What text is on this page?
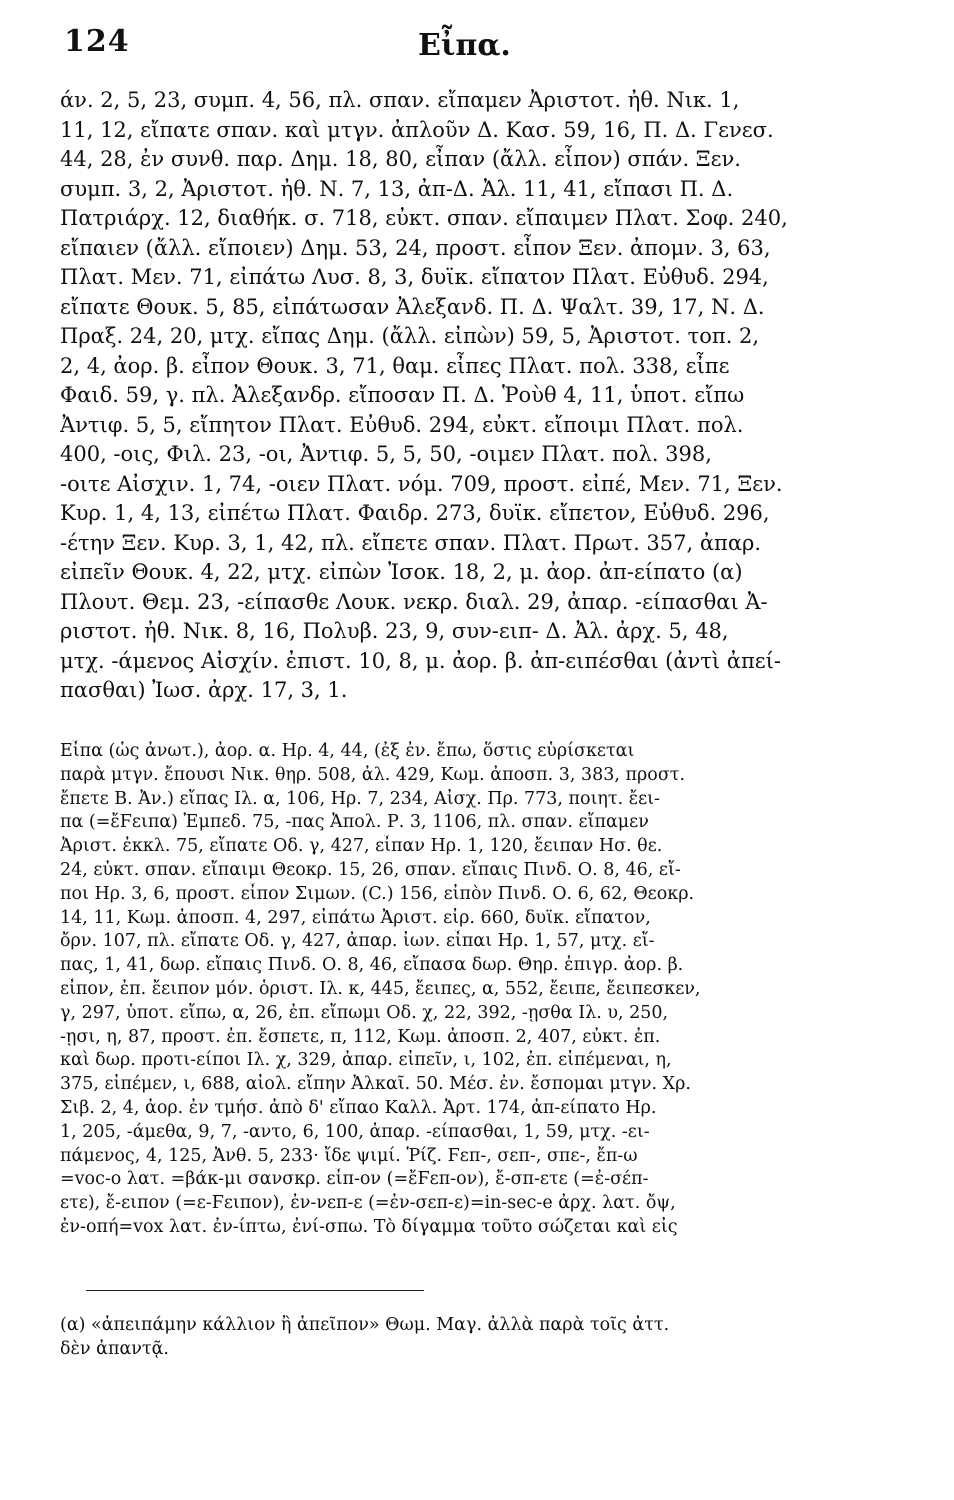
124	Εἶπα.
άν. 2, 5, 23, συμπ. 4, 56, πλ. σπαν. εἴπαμεν Ἀριστοτ. ἠθ. Νικ. 1,
11, 12, εἴπατε σπαν. καὶ μτγν. ἀπλοῦν Δ. Κασ. 59, 16, Π. Δ. Γενεσ.
44, 28, ἐν συνθ. παρ. Δημ. 18, 80, εἶπαν (ἄλλ. εἶπον) σπάν. Ξεν.
συμπ. 3, 2, Ἀριστοτ. ἠθ. Ν. 7, 13, ἀπ-Δ. Ἀλ. 11, 41, εἴπασι Π. Δ.
Πατριάρχ. 12, διαθήκ. σ. 718, εὐκτ. σπαν. εἴπαιμεν Πλατ. Σοφ. 240,
εἴπαιεν (ἄλλ. εἴποιεν) Δημ. 53, 24, προστ. εἶπον Ξεν. ἀπομν. 3, 63,
Πλατ. Μεν. 71, εἰπάτω Λυσ. 8, 3, δυϊκ. εἴπατον Πλατ. Εὐθυδ. 294,
εἴπατε Θουκ. 5, 85, εἰπάτωσαν Ἀλεξανδ. Π. Δ. Ψαλτ. 39, 17, Ν. Δ.
Πραξ. 24, 20, μτχ. εἴπας Δημ. (ἄλλ. εἰπὼν) 59, 5, Ἀριστοτ. τοπ. 2,
2, 4, ἀορ. β. εἶπον Θουκ. 3, 71, θαμ. εἶπες Πλατ. πολ. 338, εἶπε
Φαιδ. 59, γ. πλ. Ἀλεξανδρ. εἴποσαν Π. Δ. Ῥοὺθ 4, 11, ὑποτ. εἴπω
Ἀντιφ. 5, 5, εἴπητον Πλατ. Εὐθυδ. 294, εὐκτ. εἴποιμι Πλατ. πολ.
400, -οις, Φιλ. 23, -οι, Ἀντιφ. 5, 5, 50, -οιμεν Πλατ. πολ. 398,
-οιτε Αἰσχιν. 1, 74, -οιεν Πλατ. νόμ. 709, προστ. εἰπέ, Μεν. 71, Ξεν.
Κυρ. 1, 4, 13, εἰπέτω Πλατ. Φαιδρ. 273, δυϊκ. εἴπετον, Εὐθυδ. 296,
-έτην Ξεν. Κυρ. 3, 1, 42, πλ. εἴπετε σπαν. Πλατ. Πρωτ. 357, ἀπαρ.
εἰπεῖν Θουκ. 4, 22, μτχ. εἰπὼν Ἰσοκ. 18, 2, μ. ἀορ. ἀπ-είπατο (α)
Πλουτ. Θεμ. 23, -είπασθε Λουκ. νεκρ. διαλ. 29, ἀπαρ. -είπασθαι Ἀ-
ριστοτ. ἠθ. Νικ. 8, 16, Πολυβ. 23, 9, συν-ειπ- Δ. Ἀλ. ἀρχ. 5, 48,
μτχ. -άμενος Αἰσχίν. ἐπιστ. 10, 8, μ. ἀορ. β. ἀπ-ειπέσθαι (ἀντὶ ἀπεί-
πασθαι) Ἰωσ. ἀρχ. 17, 3, 1.
Εἶπα (ὡς ἀνωτ.), ἀορ. α. Ηρ. 4, 44, (ἐξ ἐν. ἔπω, ὅστις εὑρίσκεται
παρὰ μτγν. ἔπουσι Νικ. θηρ. 508, ἀλ. 429, Κωμ. ἀποσπ. 3, 383, προστ.
ἔπετε Β. Ἀν.) εἴπας Ιλ. α, 106, Ηρ. 7, 234, Αἰσχ. Πρ. 773, ποιητ. ἔει-
πα (=ἔϜειπα) Ἐμπεδ. 75, -πας Ἀπολ. Ρ. 3, 1106, πλ. σπαν. εἴπαμεν
Ἀριστ. ἐκκλ. 75, εἴπατε Οδ. γ, 427, εἶπαν Ηρ. 1, 120, ἔειπαν Ησ. θε.
24, εὐκτ. σπαν. εἴπαιμι Θεοκρ. 15, 26, σπαν. εἴπαις Πινδ. Ο. 8, 46, εἴ-
ποι Ηρ. 3, 6, προστ. εἶπον Σιμων. (C.) 156, εἰπὸν Πινδ. Ο. 6, 62, Θεοκρ.
14, 11, Κωμ. ἀποσπ. 4, 297, εἰπάτω Ἀριστ. εἰρ. 660, δυϊκ. εἴπατον,
ὄρν. 107, πλ. εἴπατε Οδ. γ, 427, ἀπαρ. ἰων. εἶπαι Ηρ. 1, 57, μτχ. εἴ-
πας, 1, 41, δωρ. εἴπαις Πινδ. Ο. 8, 46, εἴπασα δωρ. Θηρ. ἐπιγρ. ἀορ. β.
εἶπον, ἐπ. ἔειπον μόν. ὁριστ. Ιλ. κ, 445, ἔειπες, α, 552, ἔειπε, ἔειπεσκεν,
γ, 297, ὑποτ. εἴπω, α, 26, ἐπ. εἴπωμι Οδ. χ, 22, 392, -ῃσθα Ιλ. υ, 250,
-ῃσι, η, 87, προστ. ἐπ. ἔσπετε, π, 112, Κωμ. ἀποσπ. 2, 407, εὐκτ. ἐπ.
καὶ δωρ. προτι-είποι Ιλ. χ, 329, ἀπαρ. εἰπεῖν, ι, 102, ἐπ. εἰπέμεναι, η,
375, εἰπέμεν, ι, 688, αἰολ. εἴπην Ἀλκαῖ. 50. Μέσ. ἐν. ἔσπομαι μτγν. Χρ.
Σιβ. 2, 4, ἀορ. ἐν τμήσ. ἀπὸ δ' εἴπαο Καλλ. Ἀρτ. 174, ἀπ-είπατο Ηρ.
1, 205, -άμεθα, 9, 7, -αντο, 6, 100, ἀπαρ. -είπασθαι, 1, 59, μτχ. -ει-
πάμενος, 4, 125, Ἀνθ. 5, 233· ἴδε ψιμί. Ῥίζ. Ϝεπ-, σεπ-, σπε-, ἔπ-ω
=voc-o λατ. =βάκ-μι σανσκρ. εἶπ-ον (=ἔϜεπ-ον), ἔ-σπ-ετε (=ἐ-σέπ-
ετε), ἔ-ειπον (=ε-Ϝειπον), ἐν-νεπ-ε (=ἐν-σεπ-ε)=in-sec-e ἀρχ. λατ. ὄψ,
ἐν-οπή=vox λατ. ἐν-ίπτω, ἐνί-σπω. Τὸ δίγαμμα τοῦτο σώζεται καὶ εἰς
(α) «ἀπειπάμην κάλλιον ἢ ἀπεῖπον» Θωμ. Μαγ. ἀλλὰ παρὰ τοῖς ἀττ.
δὲν ἀπαντᾷ.
